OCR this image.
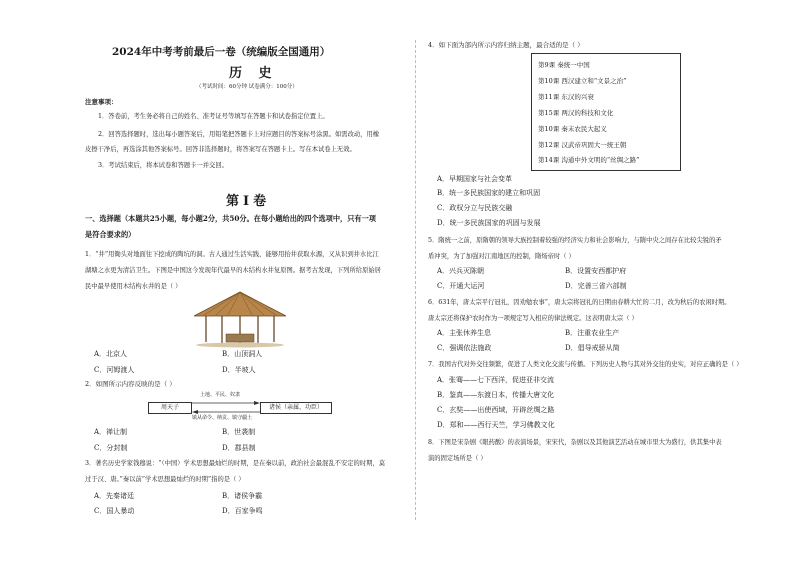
2024年中考考前最后一卷（统编版全国通用）
历 史
（考试时间：60分钟 试卷满分：100分）
注意事项：
1．答卷前，考生务必将自己的姓名、准考证号等填写在答题卡和试卷指定位置上。
2．回答选择题时，选出每小题答案后，用铅笔把答题卡上对应题目的答案标号涂黑。如需改动，用橡
皮擦干净后，再选涂其他答案标号。回答非选择题时，将答案写在答题卡上。写在本试卷上无效。
3．考试结束后，将本试卷和答题卡一并交回。
第Ⅰ卷
一、选择题（本题共25小题，每小题2分，共50分。在每小题给出的四个选项中，只有一项
是符合要求的）
1．“井”用锄头对地面往下挖成的陶坑的洞。古人通过生活实践，能够用抬井获取水源，又从识到井水比江
湖塘之水更为清洁卫生。下图是中国这今发现年代最早的木结构水井复原图。据考古发现，下列所给原始居
民中最早使用木结构水井的是（ ）
A．北京人	B．山顶洞人
C．河姆渡人	D．半坡人
2．如图所示内容反映的是（ ）
周天子	诸侯（亲属、功臣）
土地、平民、奴隶
镇从命令、纳贡、镇守疆土
A．禅让制	B．世袭制
C．分封制	D．郡县制
3．著名历史学家钱穆说：“（中国）学术思想最灿烂的时期，是在秦以前，政治社会最混乱不安定的时期，莫
过于汉、唐。”秦以前“学术思想最灿烂的时期”指的是（ ）
A．先秦诸廷	B．诸侯争霸
C．国人暴动	D．百家争鸣
4．如下面为部内所示内容归纳主题，最合适的是（ ）
第9课 秦统一中国
第10课 西汉建立和“文景之治”
第11课 东汉的兴衰
第15课 两汉的科技和文化
第10课 秦末农民大起义
第12课 汉武帝巩固大一统王朝
第14课 沟通中外文明的“丝绸之路”
A．早期国家与社会变革
B．统一多民族国家的建立和巩固
C．政权分立与民族交融
D．统一多民族国家的巩固与发展
5．隋统一之前，原隋朝的领导大族控制着较强的经济实力和社会影响力，与隋中央之间存在比较尖锐的矛
盾冲突，为了加强对江南地区的控制，隋炀帝时（ ）
A．兴兵灭陈朝	B．设置安西都护府
C．开通大运河	D．完善三省六部制
6．631年，唐太宗平行冠礼，因劝勉农事”，唐太宗将冠礼的日期由春耕大忙的二月，改为秋后的农闲时期。
唐太宗还将保护农时作为一项规定写入相应的律法规定。这表明唐太宗（ ）
A．主张休养生息	B．注重农业生产
C．强调依法施政	D．倡导戒骄从简
7．我国古代对外交往频繁，促进了人类文化交流与传播。下列历史人物与其对外交往的史实，对应正确的是（ ）
A．张骞——七下西洋，促进亚非交流
B．鉴真——东渡日本，传播大唐文化
C．玄奘——出使西域，开辟丝绸之路
D．郑和——西行天竺，学习佛教文化
8．下图是宋杂剧《眼药酸》的表演场景，宋宋代，杂剧以及其他演艺活动在城市里大为盛行，供其集中表
演的固定场所是（ ）
